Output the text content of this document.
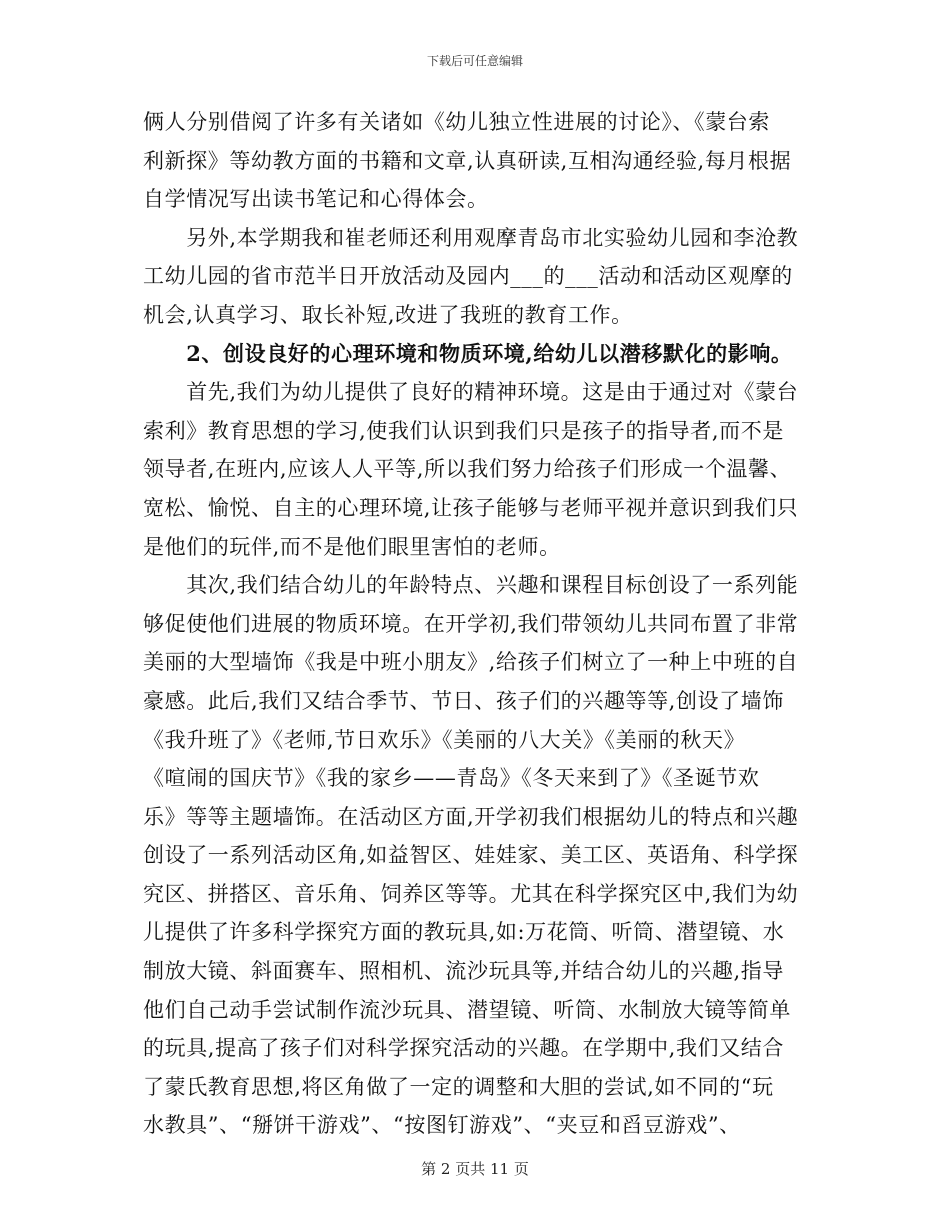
下载后可任意编辑
俩人分别借阅了许多有关诸如《幼儿独立性进展的讨论》、《蒙台索
利新探》等幼教方面的书籍和文章,认真研读,互相沟通经验,每月根据
自学情况写出读书笔记和心得体会。
　　另外,本学期我和崔老师还利用观摩青岛市北实验幼儿园和李沧教
工幼儿园的省市范半日开放活动及园内___的___活动和活动区观摩的
机会,认真学习、取长补短,改进了我班的教育工作。
　　2、创设良好的心理环境和物质环境,给幼儿以潜移默化的影响。
　　首先,我们为幼儿提供了良好的精神环境。这是由于通过对《蒙台
索利》教育思想的学习,使我们认识到我们只是孩子的指导者,而不是
领导者,在班内,应该人人平等,所以我们努力给孩子们形成一个温馨、
宽松、愉悦、自主的心理环境,让孩子能够与老师平视并意识到我们只
是他们的玩伴,而不是他们眼里害怕的老师。
　　其次,我们结合幼儿的年龄特点、兴趣和课程目标创设了一系列能
够促使他们进展的物质环境。在开学初,我们带领幼儿共同布置了非常
美丽的大型墙饰《我是中班小朋友》,给孩子们树立了一种上中班的自
豪感。此后,我们又结合季节、节日、孩子们的兴趣等等,创设了墙饰
《我升班了》《老师,节日欢乐》《美丽的八大关》《美丽的秋天》
《喧闹的国庆节》《我的家乡——青岛》《冬天来到了》《圣诞节欢
乐》等等主题墙饰。在活动区方面,开学初我们根据幼儿的特点和兴趣
创设了一系列活动区角,如益智区、娃娃家、美工区、英语角、科学探
究区、拼搭区、音乐角、饲养区等等。尤其在科学探究区中,我们为幼
儿提供了许多科学探究方面的教玩具,如:万花筒、听筒、潜望镜、水
制放大镜、斜面赛车、照相机、流沙玩具等,并结合幼儿的兴趣,指导
他们自己动手尝试制作流沙玩具、潜望镜、听筒、水制放大镜等简单
的玩具,提高了孩子们对科学探究活动的兴趣。在学期中,我们又结合
了蒙氏教育思想,将区角做了一定的调整和大胆的尝试,如不同的“玩
水教具”、“掰饼干游戏”、“按图钉游戏”、“夹豆和舀豆游戏”、
第 2 页共 11 页
